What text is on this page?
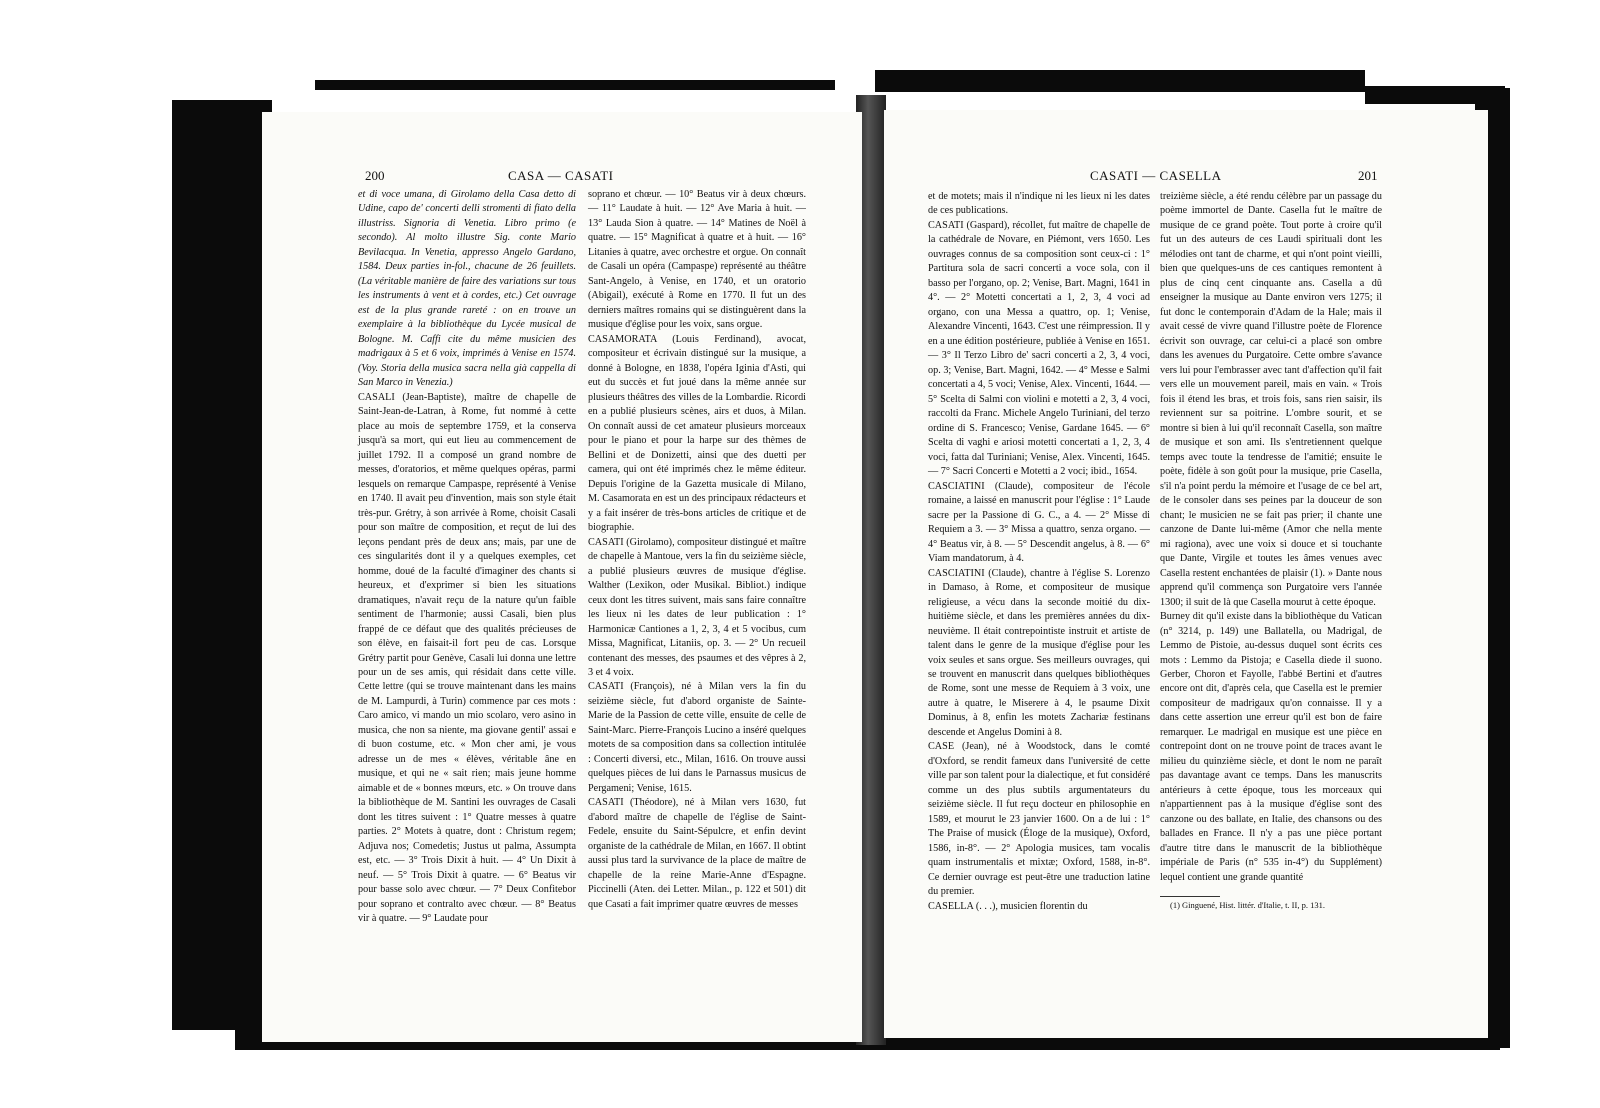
200	CASA — CASATI

et di voce umana, di Girolamo della Casa detto di Udine, capo de' concerti delli stromenti di fiato della illustriss. Signoria di Venetia. Libro primo (e secondo). Al molto illustre Sig. conte Mario Bevilacqua. In Venetia, appresso Angelo Gardano, 1584. Deux parties in-fol., chacune de 26 feuillets. (La véritable manière de faire des variations sur tous les instruments à vent et à cordes, etc.) Cet ouvrage est de la plus grande rareté : on en trouve un exemplaire à la bibliothèque du Lycée musical de Bologne. M. Caffi cite du même musicien des madrigaux à 5 et 6 voix, imprimés à Venise en 1574. (Voy. Storia della musica sacra nella già cappella di San Marco in Venezia.)

CASALI (Jean-Baptiste), maître de chapelle de Saint-Jean-de-Latran, à Rome, fut nommé à cette place au mois de septembre 1759, et la conserva jusqu'à sa mort, qui eut lieu au commencement de juillet 1792. Il a composé un grand nombre de messes, d'oratorios, et même quelques opéras, parmi lesquels on remarque Campaspe, représenté à Venise en 1740. Il avait peu d'invention, mais son style était très-pur. Grétry, à son arrivée à Rome, choisit Casali pour son maître de composition, et reçut de lui des leçons pendant près de deux ans; mais, par une de ces singularités dont il y a quelques exemples, cet homme, doué de la faculté d'imaginer des chants si heureux, et d'exprimer si bien les situations dramatiques, n'avait reçu de la nature qu'un faible sentiment de l'harmonie; aussi Casali, bien plus frappé de ce défaut que des qualités précieuses de son élève, en faisait-il fort peu de cas. Lorsque Grétry partit pour Genève, Casali lui donna une lettre pour un de ses amis, qui résidait dans cette ville. Cette lettre (qui se trouve maintenant dans les mains de M. Lampurdi, à Turin) commence par ces mots : Caro amico, vi mando un mio scolaro, vero asino in musica, che non sa niente, ma giovane gentil' assai e di buon costume, etc. « Mon cher ami, je vous adresse un de mes « élèves, véritable âne en musique, et qui ne « sait rien; mais jeune homme aimable et de « bonnes mœurs, etc. » On trouve dans la bibliothèque de M. Santini les ouvrages de Casali dont les titres suivent : 1° Quatre messes à quatre parties. 2° Motets à quatre, dont : Christum regem; Adjuva nos; Comedetis; Justus ut palma, Assumpta est, etc. — 3° Trois Dixit à huit. — 4° Un Dixit à neuf. — 5° Trois Dixit à quatre. — 6° Beatus vir pour basse solo avec chœur. — 7° Deux Confitebor pour soprano et contralto avec chœur. — 8° Beatus vir à quatre. — 9° Laudate pour

soprano et chœur. — 10° Beatus vir à deux chœurs. — 11° Laudate à huit. — 12° Ave Maria à huit. — 13° Lauda Sion à quatre. — 14° Matines de Noël à quatre. — 15° Magnificat à quatre et à huit. — 16° Litanies à quatre, avec orchestre et orgue. On connaît de Casali un opéra (Campaspe) représenté au théâtre Sant-Angelo, à Venise, en 1740, et un oratorio (Abigail), exécuté à Rome en 1770. Il fut un des derniers maîtres romains qui se distinguèrent dans la musique d'église pour les voix, sans orgue.

CASAMORATA (Louis Ferdinand), avocat, compositeur et écrivain distingué sur la musique, a donné à Bologne, en 1838, l'opéra Iginia d'Asti, qui eut du succès et fut joué dans la même année sur plusieurs théâtres des villes de la Lombardie. Ricordi en a publié plusieurs scènes, airs et duos, à Milan. On connaît aussi de cet amateur plusieurs morceaux pour le piano et pour la harpe sur des thèmes de Bellini et de Donizetti, ainsi que des duetti per camera, qui ont été imprimés chez le même éditeur. Depuis l'origine de la Gazetta musicale di Milano, M. Casamorata en est un des principaux rédacteurs et y a fait insérer de très-bons articles de critique et de biographie.

CASATI (Girolamo), compositeur distingué et maître de chapelle à Mantoue, vers la fin du seizième siècle, a publié plusieurs œuvres de musique d'église. Walther (Lexikon, oder Musikal. Bibliot.) indique ceux dont les titres suivent, mais sans faire connaître les lieux ni les dates de leur publication : 1° Harmonicæ Cantiones a 1, 2, 3, 4 et 5 vocibus, cum Missa, Magnificat, Litaniis, op. 3. — 2° Un recueil contenant des messes, des psaumes et des vêpres à 2, 3 et 4 voix.

CASATI (François), né à Milan vers la fin du seizième siècle, fut d'abord organiste de Sainte-Marie de la Passion de cette ville, ensuite de celle de Saint-Marc. Pierre-François Lucino a inséré quelques motets de sa composition dans sa collection intitulée : Concerti diversi, etc., Milan, 1616. On trouve aussi quelques pièces de lui dans le Parnassus musicus de Pergameni; Venise, 1615.

CASATI (Théodore), né à Milan vers 1630, fut d'abord maître de chapelle de l'église de Saint-Fedele, ensuite du Saint-Sépulcre, et enfin devint organiste de la cathédrale de Milan, en 1667. Il obtint aussi plus tard la survivance de la place de maître de chapelle de la reine Marie-Anne d'Espagne. Piccinelli (Aten. dei Letter. Milan., p. 122 et 501) dit que Casati a fait imprimer quatre œuvres de messes

CASATI — CASELLA	201

et de motets; mais il n'indique ni les lieux ni les dates de ces publications.

CASATI (Gaspard), récollet, fut maître de chapelle de la cathédrale de Novare, en Piémont, vers 1650. Les ouvrages connus de sa composition sont ceux-ci : 1° Partitura sola de sacri concerti a voce sola, con il basso per l'organo, op. 2; Venise, Bart. Magni, 1641 in 4°. — 2° Motetti concertati a 1, 2, 3, 4 voci ad organo, con una Messa a quattro, op. 1; Venise, Alexandre Vincenti, 1643. C'est une réimpression. Il y en a une édition postérieure, publiée à Venise en 1651. — 3° Il Terzo Libro de' sacri concerti a 2, 3, 4 voci, op. 3; Venise, Bart. Magni, 1642. — 4° Messe e Salmi concertati a 4, 5 voci; Venise, Alex. Vincenti, 1644. — 5° Scelta di Salmi con violini e motetti a 2, 3, 4 voci, raccolti da Franc. Michele Angelo Turiniani, del terzo ordine di S. Francesco; Venise, Gardane 1645. — 6° Scelta di vaghi e ariosi motetti concertati a 1, 2, 3, 4 voci, fatta dal Turiniani; Venise, Alex. Vincenti, 1645. — 7° Sacri Concerti e Motetti a 2 voci; ibid., 1654.

CASCIATINI (Claude), compositeur de l'école romaine, a laissé en manuscrit pour l'église : 1° Laude sacre per la Passione di G. C., a 4. — 2° Misse di Requiem a 3. — 3° Missa a quattro, senza organo. — 4° Beatus vir, à 8. — 5° Descendit angelus, à 8. — 6° Viam mandatorum, à 4.

CASCIATINI (Claude), chantre à l'église S. Lorenzo in Damaso, à Rome, et compositeur de musique religieuse, a vécu dans la seconde moitié du dix-huitième siècle, et dans les premières années du dix-neuvième. Il était contrepointiste instruit et artiste de talent dans le genre de la musique d'église pour les voix seules et sans orgue. Ses meilleurs ouvrages, qui se trouvent en manuscrit dans quelques bibliothèques de Rome, sont une messe de Requiem à 3 voix, une autre à quatre, le Miserere à 4, le psaume Dixit Dominus, à 8, enfin les motets Zachariæ festinans descende et Angelus Domini à 8.

CASE (Jean), né à Woodstock, dans le comté d'Oxford, se rendit fameux dans l'université de cette ville par son talent pour la dialectique, et fut considéré comme un des plus subtils argumentateurs du seizième siècle. Il fut reçu docteur en philosophie en 1589, et mourut le 23 janvier 1600. On a de lui : 1° The Praise of musick (Éloge de la musique), Oxford, 1586, in-8°. — 2° Apologia musices, tam vocalis quam instrumentalis et mixtæ; Oxford, 1588, in-8°. Ce dernier ouvrage est peut-être une traduction latine du premier.

CASELLA (. . .), musicien florentin du

treizième siècle, a été rendu célèbre par un passage du poème immortel de Dante. Casella fut le maître de musique de ce grand poète. Tout porte à croire qu'il fut un des auteurs de ces Laudi spirituali dont les mélodies ont tant de charme, et qui n'ont point vieilli, bien que quelques-uns de ces cantiques remontent à plus de cinq cent cinquante ans. Casella a dû enseigner la musique au Dante environ vers 1275; il fut donc le contemporain d'Adam de la Hale; mais il avait cessé de vivre quand l'illustre poète de Florence écrivit son ouvrage, car celui-ci a placé son ombre dans les avenues du Purgatoire. Cette ombre s'avance vers lui pour l'embrasser avec tant d'affection qu'il fait vers elle un mouvement pareil, mais en vain. « Trois fois il étend les bras, et trois fois, sans rien saisir, ils reviennent sur sa poitrine. L'ombre sourit, et se montre si bien à lui qu'il reconnaît Casella, son maître de musique et son ami. Ils s'entretiennent quelque temps avec toute la tendresse de l'amitié; ensuite le poète, fidèle à son goût pour la musique, prie Casella, s'il n'a point perdu la mémoire et l'usage de ce bel art, de le consoler dans ses peines par la douceur de son chant; le musicien ne se fait pas prier; il chante une canzone de Dante lui-même (Amor che nella mente mi ragiona), avec une voix si douce et si touchante que Dante, Virgile et toutes les âmes venues avec Casella restent enchantées de plaisir (1). » Dante nous apprend qu'il commença son Purgatoire vers l'année 1300; il suit de là que Casella mourut à cette époque.

Burney dit qu'il existe dans la bibliothèque du Vatican (n° 3214, p. 149) une Ballatella, ou Madrigal, de Lemmo de Pistoie, au-dessus duquel sont écrits ces mots : Lemmo da Pistoja; e Casella diede il suono. Gerber, Choron et Fayolle, l'abbé Bertini et d'autres encore ont dit, d'après cela, que Casella est le premier compositeur de madrigaux qu'on connaisse. Il y a dans cette assertion une erreur qu'il est bon de faire remarquer. Le madrigal en musique est une pièce en contrepoint dont on ne trouve point de traces avant le milieu du quinzième siècle, et dont le nom ne paraît pas davantage avant ce temps. Dans les manuscrits antérieurs à cette époque, tous les morceaux qui n'appartiennent pas à la musique d'église sont des canzone ou des ballate, en Italie, des chansons ou des ballades en France. Il n'y a pas une pièce portant d'autre titre dans le manuscrit de la bibliothèque impériale de Paris (n° 535 in-4°) du Supplément) lequel contient une grande quantité

(1) Ginguené, Hist. littér. d'Italie, t. II, p. 131.
